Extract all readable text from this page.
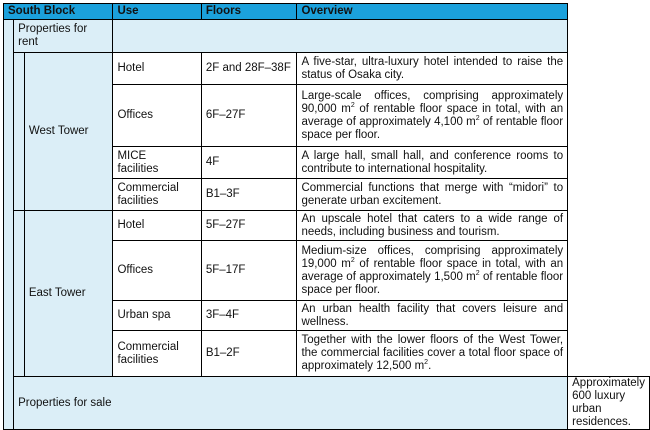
South Block			Use	Floors	Overview	
	Properties for
rent					
		West Tower	Hotel	2F and 28F–38F	A five-star, ultra-luxury hotel intended to raise the status of Osaka city.	
			Offices	6F–27F	Large-scale offices, comprising approximately 90,000 $m^2$ of rentable floor space in total, with an average of approximately 4,100 $m^2$ of rentable floor space per floor.	
			MICE
facilities	4F	A large hall, small hall, and conference rooms to contribute to international hospitality.	
			Commercial
facilities	B1–3F	Commercial functions that merge with “midori” to generate urban excitement.	
		East Tower	Hotel	5F–27F	An upscale hotel that caters to a wide range of needs, including business and tourism.	
			Offices	5F–17F	Medium-size offices, comprising approximately 19,000 $m^2$ of rentable floor space in total, with an average of approximately 1,500 $m^2$ of rentable floor space per floor.	
			Urban spa	3F–4F	An urban health facility that covers leisure and wellness.	
			Commercial
facilities	B1–2F	Together with the lower floors of the West Tower, the commercial facilities cover a total floor space of approximately 12,500 $m^2$.	
	Properties for sale					Approximately 600 luxury urban residences.
